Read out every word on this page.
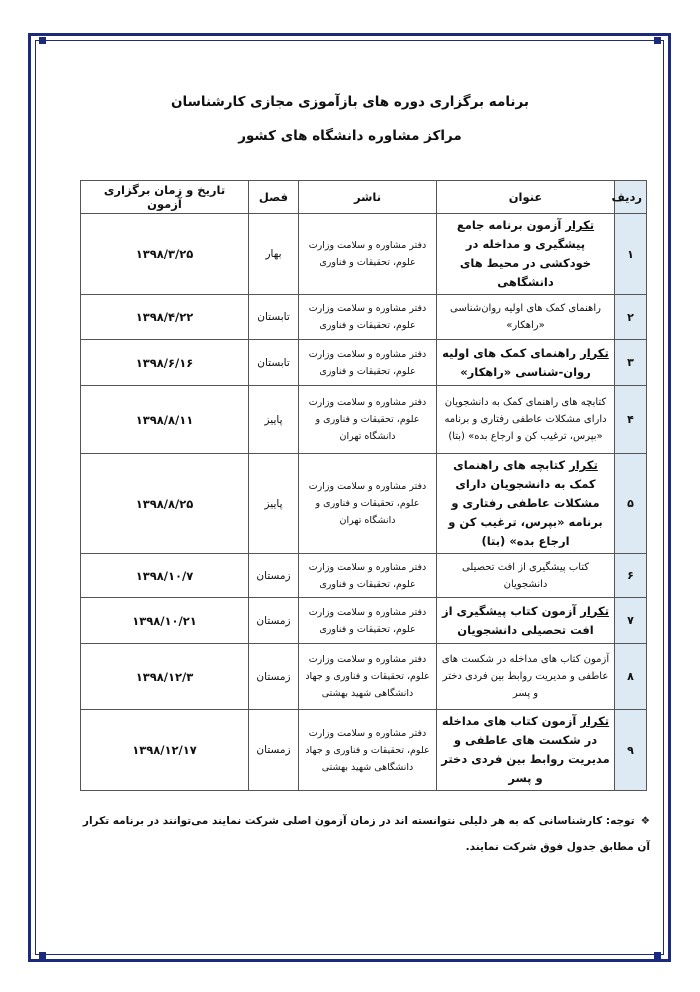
برنامه برگزاری دوره های بازآموزی مجازی کارشناسان
مراکز مشاوره دانشگاه های کشور
ردیف	عنوان	ناشر	فصل	تاریخ و زمان برگزاری آزمون
۱	تکرار آزمون برنامه جامع پیشگیری و مداخله در خودکشی در محیط های دانشگاهی	دفتر مشاوره و سلامت وزارت علوم، تحقیقات و فناوری	بهار	۱۳۹۸/۳/۲۵
۲	راهنمای کمک های اولیه روان‌شناسی «راهکار»	دفتر مشاوره و سلامت وزارت علوم، تحقیقات و فناوری	تابستان	۱۳۹۸/۴/۲۲
۳	تکرار راهنمای کمک های اولیه روان-شناسی «راهکار»	دفتر مشاوره و سلامت وزارت علوم، تحقیقات و فناوری	تابستان	۱۳۹۸/۶/۱۶
۴	کتابچه های راهنمای کمک به دانشجویان دارای مشکلات عاطفی رفتاری و برنامه «بپرس، ترغیب کن و ارجاع بده» (بتا)	دفتر مشاوره و سلامت وزارت علوم، تحقیقات و فناوری و دانشگاه تهران	پاییز	۱۳۹۸/۸/۱۱
۵	تکرار کتابچه های راهنمای کمک به دانشجویان دارای مشکلات عاطفی رفتاری و برنامه «بپرس، ترغیب کن و ارجاع بده» (بتا)	دفتر مشاوره و سلامت وزارت علوم، تحقیقات و فناوری و دانشگاه تهران	پاییز	۱۳۹۸/۸/۲۵
۶	کتاب پیشگیری از افت تحصیلی دانشجویان	دفتر مشاوره و سلامت وزارت علوم، تحقیقات و فناوری	زمستان	۱۳۹۸/۱۰/۷
۷	تکرار آزمون کتاب پیشگیری از افت تحصیلی دانشجویان	دفتر مشاوره و سلامت وزارت علوم، تحقیقات و فناوری	زمستان	۱۳۹۸/۱۰/۲۱
۸	آزمون کتاب های مداخله در شکست های عاطفی و مدیریت روابط بین فردی دختر و پسر	دفتر مشاوره و سلامت وزارت علوم، تحقیقات و فناوری و جهاد دانشگاهی شهید بهشتی	زمستان	۱۳۹۸/۱۲/۳
۹	تکرار آزمون کتاب های مداخله در شکست های عاطفی و مدیریت روابط بین فردی دختر و پسر	دفتر مشاوره و سلامت وزارت علوم، تحقیقات و فناوری و جهاد دانشگاهی شهید بهشتی	زمستان	۱۳۹۸/۱۲/۱۷
❖توجه: کارشناسانی که به هر دلیلی نتوانسته اند در زمان آزمون اصلی شرکت نمایند می‌توانند در برنامه تکرار آن مطابق جدول فوق شرکت نمایند.
